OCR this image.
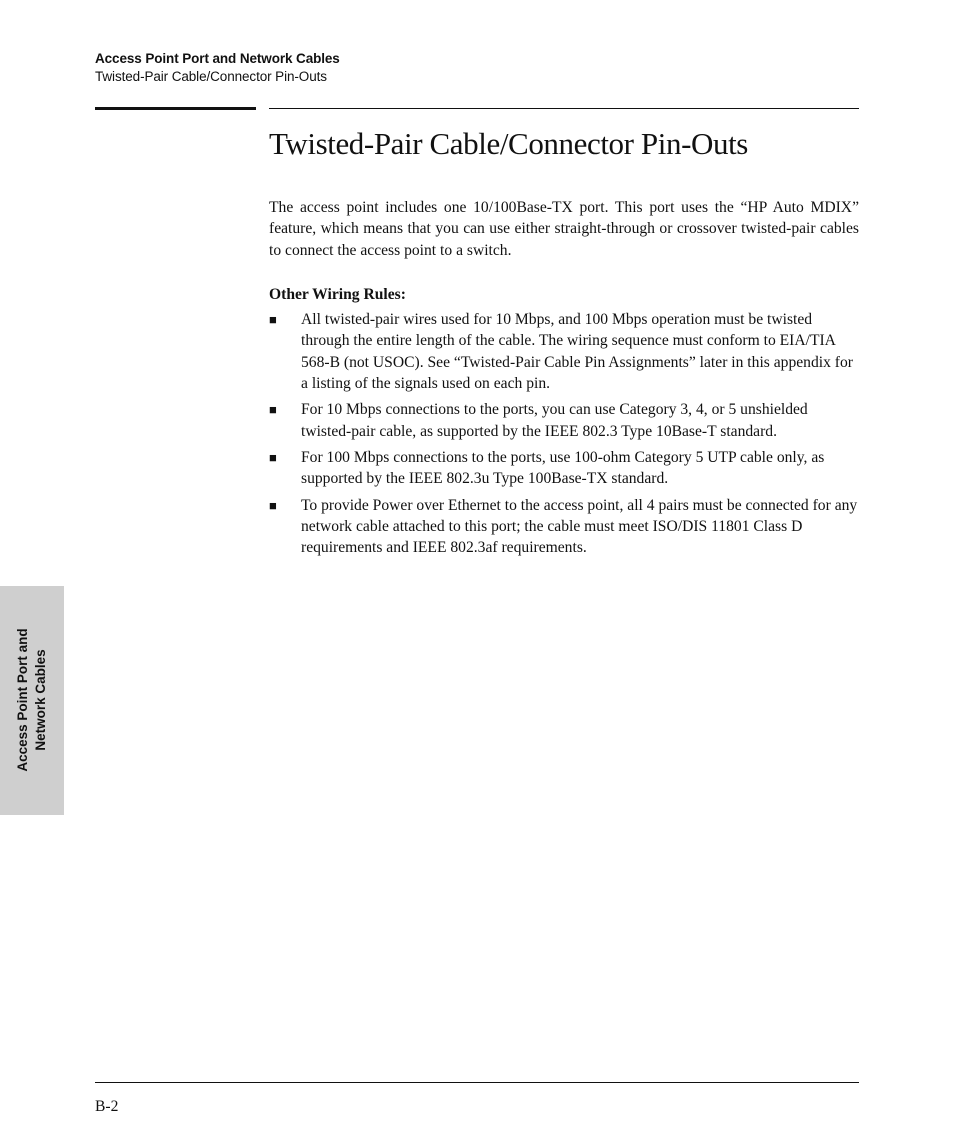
Access Point Port and Network Cables
Twisted-Pair Cable/Connector Pin-Outs
Twisted-Pair Cable/Connector Pin-Outs

The access point includes one 10/100Base-TX port. This port uses the “HP Auto MDIX” feature, which means that you can use either straight-through or crossover twisted-pair cables to connect the access point to a switch.

Other Wiring Rules:

■ All twisted-pair wires used for 10 Mbps, and 100 Mbps operation must be twisted through the entire length of the cable. The wiring sequence must conform to EIA/TIA 568-B (not USOC). See “Twisted-Pair Cable Pin Assignments” later in this appendix for a listing of the signals used on each pin.
■ For 10 Mbps connections to the ports, you can use Category 3, 4, or 5 unshielded twisted-pair cable, as supported by the IEEE 802.3 Type 10Base-T standard.
■ For 100 Mbps connections to the ports, use 100-ohm Category 5 UTP cable only, as supported by the IEEE 802.3u Type 100Base-TX standard.
■ To provide Power over Ethernet to the access point, all 4 pairs must be connected for any network cable attached to this port; the cable must meet ISO/DIS 11801 Class D requirements and IEEE 802.3af requirements.
Access Point Port and Network Cables
B-2
